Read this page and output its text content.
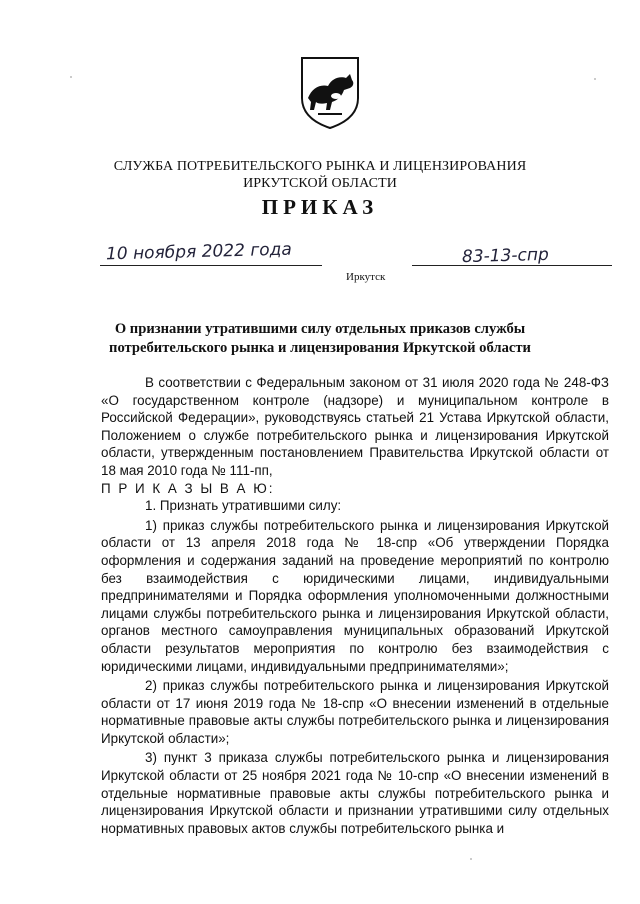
СЛУЖБА ПОТРЕБИТЕЛЬСКОГО РЫНКА И ЛИЦЕНЗИРОВАНИЯ
ИРКУТСКОЙ ОБЛАСТИ
ПРИКАЗ
10 ноября 2022 года
Иркутск
83-13-спр
О признании утратившими силу отдельных приказов службы
потребительского рынка и лицензирования Иркутской области

В соответствии с Федеральным законом от 31 июля 2020 года № 248-ФЗ «О государственном контроле (надзоре) и муниципальном контроле в Российской Федерации», руководствуясь статьей 21 Устава Иркутской области, Положением о службе потребительского рынка и лицензирования Иркутской области, утвержденным постановлением Правительства Иркутской области от 18 мая 2010 года № 111-пп,

П Р И К А З Ы В А Ю:

1. Признать утратившими силу:

1) приказ службы потребительского рынка и лицензирования Иркутской области от 13 апреля 2018 года № 18-спр «Об утверждении Порядка оформления и содержания заданий на проведение мероприятий по контролю без взаимодействия с юридическими лицами, индивидуальными предпринимателями и Порядка оформления уполномоченными должностными лицами службы потребительского рынка и лицензирования Иркутской области, органов местного самоуправления муниципальных образований Иркутской области результатов мероприятия по контролю без взаимодействия с юридическими лицами, индивидуальными предпринимателями»;

2) приказ службы потребительского рынка и лицензирования Иркутской области от 17 июня 2019 года № 18-спр «О внесении изменений в отдельные нормативные правовые акты службы потребительского рынка и лицензирования Иркутской области»;

3) пункт 3 приказа службы потребительского рынка и лицензирования Иркутской области от 25 ноября 2021 года № 10-спр «О внесении изменений в отдельные нормативные правовые акты службы потребительского рынка и лицензирования Иркутской области и признании утратившими силу отдельных нормативных правовых актов службы потребительского рынка и
